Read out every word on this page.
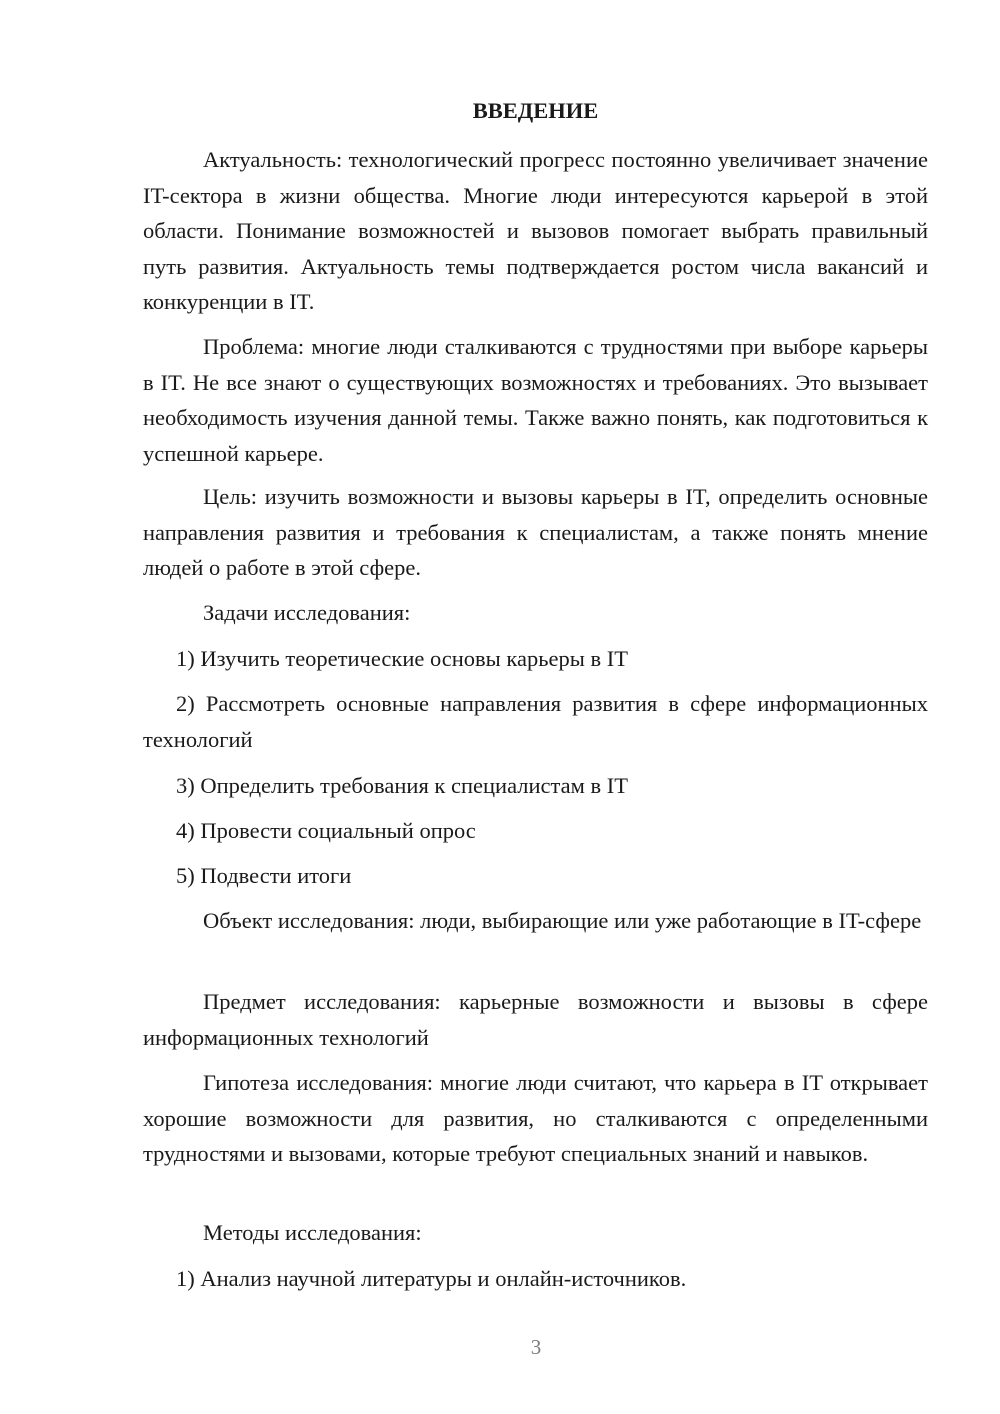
ВВЕДЕНИЕ

Актуальность: технологический прогресс постоянно увеличивает значение IT-сектора в жизни общества. Многие люди интересуются карьерой в этой области. Понимание возможностей и вызовов помогает выбрать правильный путь развития. Актуальность темы подтверждается ростом числа вакансий и конкуренции в IT.

Проблема: многие люди сталкиваются с трудностями при выборе карьеры в IT. Не все знают о существующих возможностях и требованиях. Это вызывает необходимость изучения данной темы. Также важно понять, как подготовиться к успешной карьере.

Цель: изучить возможности и вызовы карьеры в IT, определить основные направления развития и требования к специалистам, а также понять мнение людей о работе в этой сфере.

Задачи исследования:

1) Изучить теоретические основы карьеры в IT

2) Рассмотреть основные направления развития в сфере информационных технологий

3) Определить требования к специалистам в IT

4) Провести социальный опрос

5) Подвести итоги

Объект исследования: люди, выбирающие или уже работающие в IT-сфере

Предмет исследования: карьерные возможности и вызовы в сфере информационных технологий

Гипотеза исследования: многие люди считают, что карьера в IT открывает хорошие возможности для развития, но сталкиваются с определенными трудностями и вызовами, которые требуют специальных знаний и навыков.

Методы исследования:

1) Анализ научной литературы и онлайн-источников.

3
